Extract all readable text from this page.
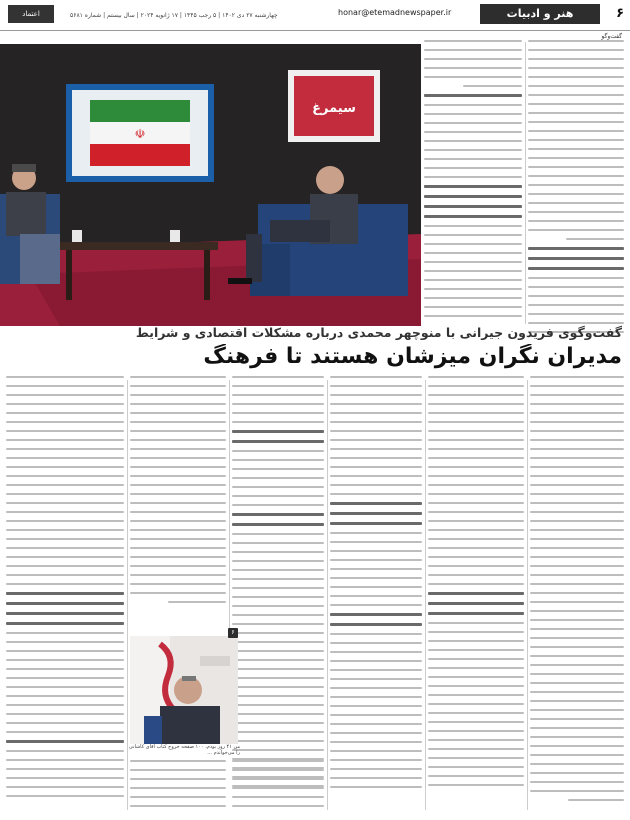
۶
هنر و ادبیات
honar@etemadnewspaper.ir
چهارشنبه ۲۷ دی ۱۴۰۲ | ۵ رجب ۱۴۴۵ | ۱۷ ژانویه ۲۰۲۴ | سال بیستم | شماره ۵۶۸۱
اعتماد
گفت‌وگو
☫
سیمرغ
گفت‌وگوی فریدون جیرانی با منوچهر محمدی درباره مشکلات اقتصادی و شرایط
مدیران نگران میزشان هستند تا فرهنگ
۶
من ۴۱ روز بودم، ۱۰۰ صفحه خروج کتاب آقای کاشانی را می‌خواندم ...
